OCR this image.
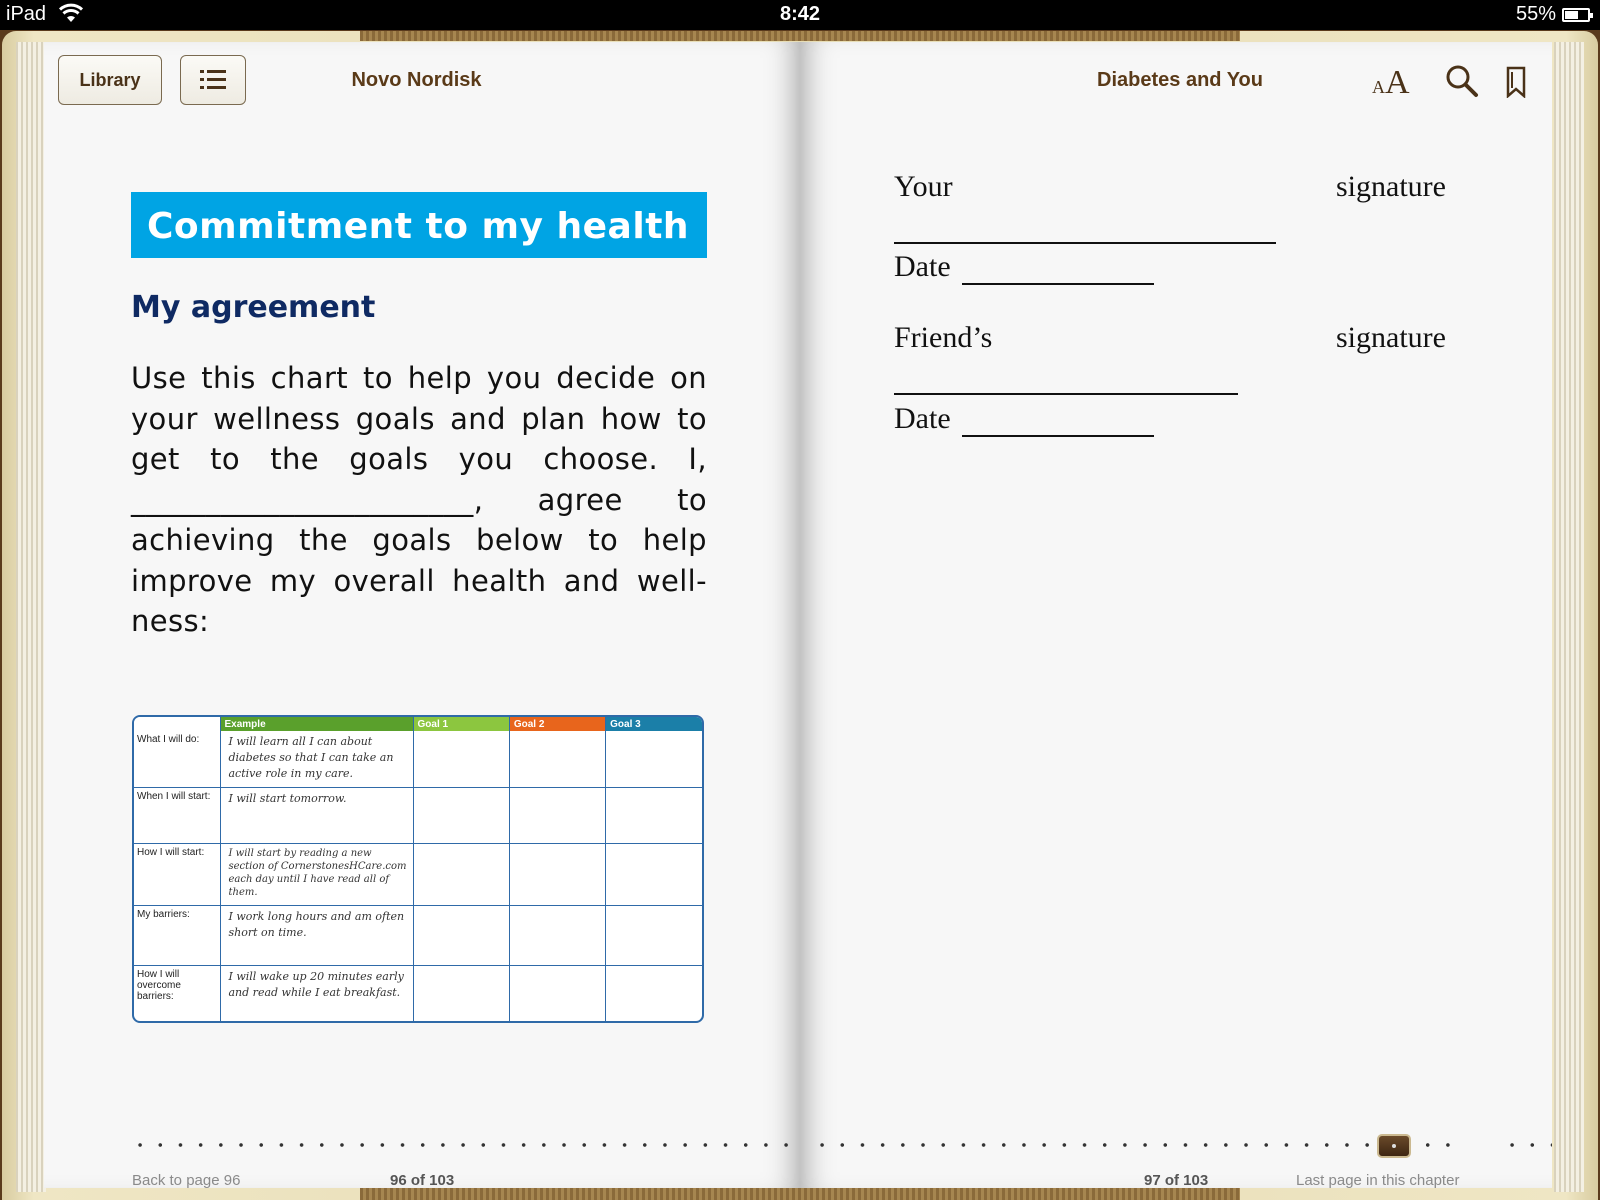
iPad	8:42	55%
Library	Novo Nordisk
Commitment to my health
My agreement
Use this chart to help you decide on your wellness goals and plan how to get to the goals you choose. I, _______________________, agree to achieving the goals below to help improve my overall health and well-ness:
	Example	Goal 1	Goal 2	Goal 3
What I will do:	I will learn all I can about diabetes so that I can take an active role in my care.			
When I will start:	I will start tomorrow.			
How I will start:	I will start by reading a new section of CornerstonesHCare.com each day until I have read all of them.			
My barriers:	I work long hours and am often short on time.			
How I will overcome barriers:	I will wake up 20 minutes early and read while I eat breakfast.			
Back to page 96	96 of 103
Diabetes and You	AA
Your	signature
Date
Friend’s	signature
Date
97 of 103	Last page in this chapter
